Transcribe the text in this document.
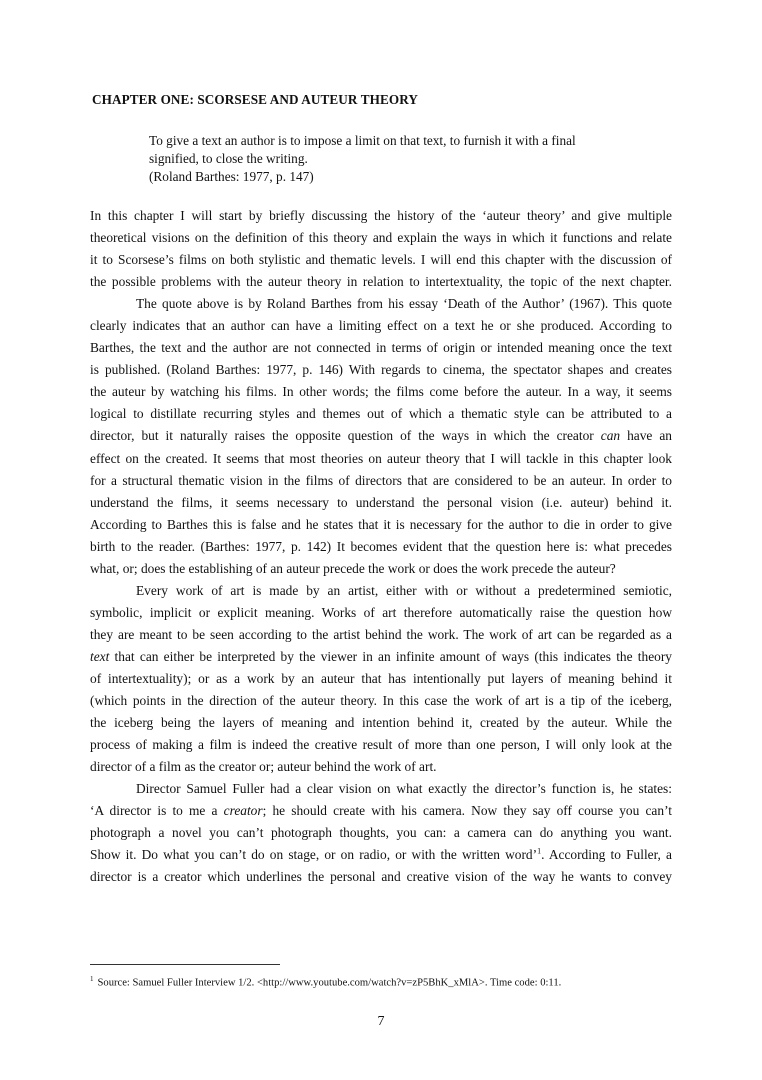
CHAPTER ONE: SCORSESE AND AUTEUR THEORY
To give a text an author is to impose a limit on that text, to furnish it with a final
signified, to close the writing.
(Roland Barthes: 1977, p. 147)
In this chapter I will start by briefly discussing the history of the ‘auteur theory’ and give multiple
theoretical visions on the definition of this theory and explain the ways in which it functions and relate
it to Scorsese’s films on both stylistic and thematic levels. I will end this chapter with the discussion of
the possible problems with the auteur theory in relation to intertextuality, the topic of the next chapter.
The quote above is by Roland Barthes from his essay ‘Death of the Author’ (1967). This quote
clearly indicates that an author can have a limiting effect on a text he or she produced. According to
Barthes, the text and the author are not connected in terms of origin or intended meaning once the text
is published. (Roland Barthes: 1977, p. 146) With regards to cinema, the spectator shapes and creates
the auteur by watching his films. In other words; the films come before the auteur. In a way, it seems
logical to distillate recurring styles and themes out of which a thematic style can be attributed to a
director, but it naturally raises the opposite question of the ways in which the creator can have an
effect on the created. It seems that most theories on auteur theory that I will tackle in this chapter look
for a structural thematic vision in the films of directors that are considered to be an auteur. In order to
understand the films, it seems necessary to understand the personal vision (i.e. auteur) behind it.
According to Barthes this is false and he states that it is necessary for the author to die in order to give
birth to the reader. (Barthes: 1977, p. 142) It becomes evident that the question here is: what precedes
what, or; does the establishing of an auteur precede the work or does the work precede the auteur?
Every work of art is made by an artist, either with or without a predetermined semiotic,
symbolic, implicit or explicit meaning. Works of art therefore automatically raise the question how
they are meant to be seen according to the artist behind the work. The work of art can be regarded as a
text that can either be interpreted by the viewer in an infinite amount of ways (this indicates the theory
of intertextuality); or as a work by an auteur that has intentionally put layers of meaning behind it
(which points in the direction of the auteur theory. In this case the work of art is a tip of the iceberg,
the iceberg being the layers of meaning and intention behind it, created by the auteur. While the
process of making a film is indeed the creative result of more than one person, I will only look at the
director of a film as the creator or; auteur behind the work of art.
Director Samuel Fuller had a clear vision on what exactly the director’s function is, he states:
‘A director is to me a creator; he should create with his camera. Now they say off course you can’t
photograph a novel you can’t photograph thoughts, you can: a camera can do anything you want.
Show it. Do what you can’t do on stage, or on radio, or with the written word’$^1$. According to Fuller, a
director is a creator which underlines the personal and creative vision of the way he wants to convey
$^1$ Source: Samuel Fuller Interview 1/2. <http://www.youtube.com/watch?v=zP5BhK_xMlA>. Time code: 0:11.
7
